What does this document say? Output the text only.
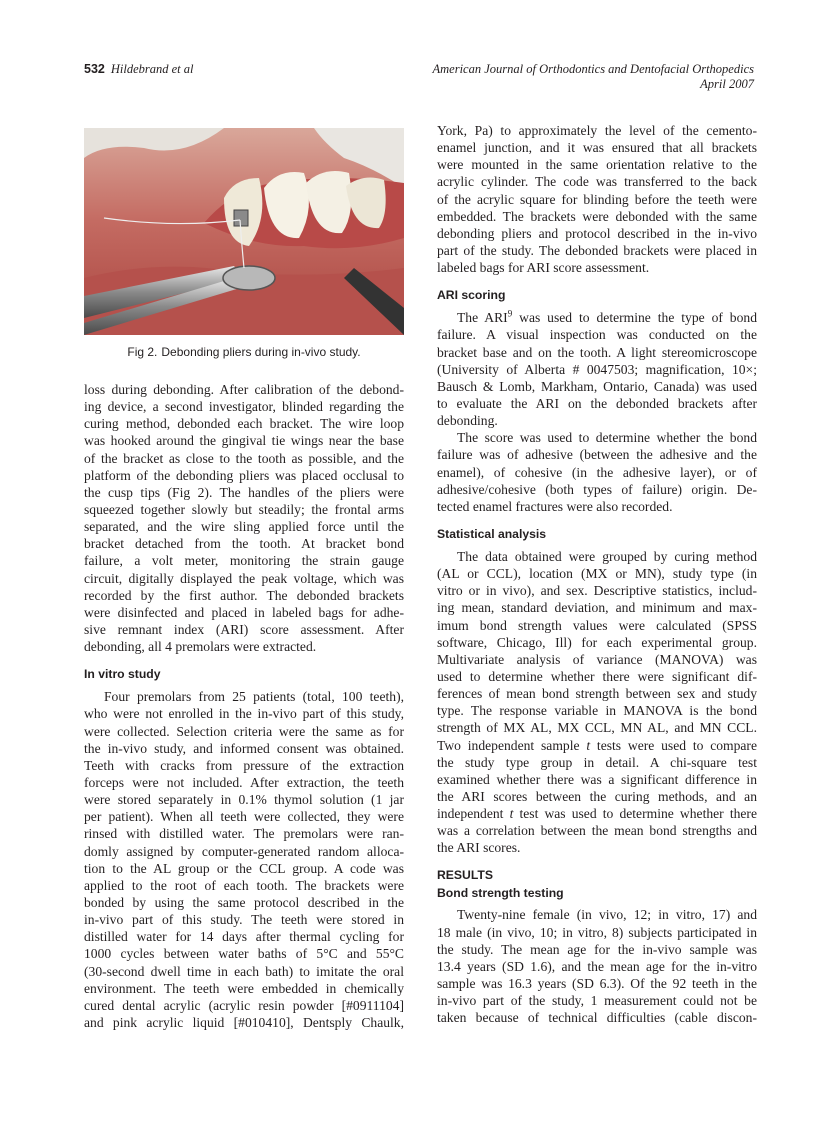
532 Hildebrand et al	American Journal of Orthodontics and Dentofacial Orthopedics
April 2007
Fig 2. Debonding pliers during in-vivo study.
loss during debonding. After calibration of the debond-
ing device, a second investigator, blinded regarding the
curing method, debonded each bracket. The wire loop
was hooked around the gingival tie wings near the base
of the bracket as close to the tooth as possible, and the
platform of the debonding pliers was placed occlusal to
the cusp tips (Fig 2). The handles of the pliers were
squeezed together slowly but steadily; the frontal arms
separated, and the wire sling applied force until the
bracket detached from the tooth. At bracket bond
failure, a volt meter, monitoring the strain gauge
circuit, digitally displayed the peak voltage, which was
recorded by the first author. The debonded brackets
were disinfected and placed in labeled bags for adhe-
sive remnant index (ARI) score assessment. After
debonding, all 4 premolars were extracted.
In vitro study
Four premolars from 25 patients (total, 100 teeth),
who were not enrolled in the in-vivo part of this study,
were collected. Selection criteria were the same as for
the in-vivo study, and informed consent was obtained.
Teeth with cracks from pressure of the extraction
forceps were not included. After extraction, the teeth
were stored separately in 0.1% thymol solution (1 jar
per patient). When all teeth were collected, they were
rinsed with distilled water. The premolars were ran-
domly assigned by computer-generated random alloca-
tion to the AL group or the CCL group. A code was
applied to the root of each tooth. The brackets were
bonded by using the same protocol described in the
in-vivo part of this study. The teeth were stored in
distilled water for 14 days after thermal cycling for
1000 cycles between water baths of 5°C and 55°C
(30-second dwell time in each bath) to imitate the oral
environment. The teeth were embedded in chemically
cured dental acrylic (acrylic resin powder [#0911104]
and pink acrylic liquid [#010410], Dentsply Chaulk,
York, Pa) to approximately the level of the cemento-
enamel junction, and it was ensured that all brackets
were mounted in the same orientation relative to the
acrylic cylinder. The code was transferred to the back
of the acrylic square for blinding before the teeth were
embedded. The brackets were debonded with the same
debonding pliers and protocol described in the in-vivo
part of the study. The debonded brackets were placed in
labeled bags for ARI score assessment.
ARI scoring
The ARI$^9$ was used to determine the type of bond
failure. A visual inspection was conducted on the
bracket base and on the tooth. A light stereomicroscope
(University of Alberta # 0047503; magnification, 10×;
Bausch & Lomb, Markham, Ontario, Canada) was used
to evaluate the ARI on the debonded brackets after
debonding.
The score was used to determine whether the bond
failure was of adhesive (between the adhesive and the
enamel), of cohesive (in the adhesive layer), or of
adhesive/cohesive (both types of failure) origin. De-
tected enamel fractures were also recorded.
Statistical analysis
The data obtained were grouped by curing method
(AL or CCL), location (MX or MN), study type (in
vitro or in vivo), and sex. Descriptive statistics, includ-
ing mean, standard deviation, and minimum and max-
imum bond strength values were calculated (SPSS
software, Chicago, Ill) for each experimental group.
Multivariate analysis of variance (MANOVA) was
used to determine whether there were significant dif-
ferences of mean bond strength between sex and study
type. The response variable in MANOVA is the bond
strength of MX AL, MX CCL, MN AL, and MN CCL.
Two independent sample t tests were used to compare
the study type group in detail. A chi-square test
examined whether there was a significant difference in
the ARI scores between the curing methods, and an
independent t test was used to determine whether there
was a correlation between the mean bond strengths and
the ARI scores.
RESULTS
Bond strength testing
Twenty-nine female (in vivo, 12; in vitro, 17) and
18 male (in vivo, 10; in vitro, 8) subjects participated in
the study. The mean age for the in-vivo sample was
13.4 years (SD 1.6), and the mean age for the in-vitro
sample was 16.3 years (SD 6.3). Of the 92 teeth in the
in-vivo part of the study, 1 measurement could not be
taken because of technical difficulties (cable discon-
